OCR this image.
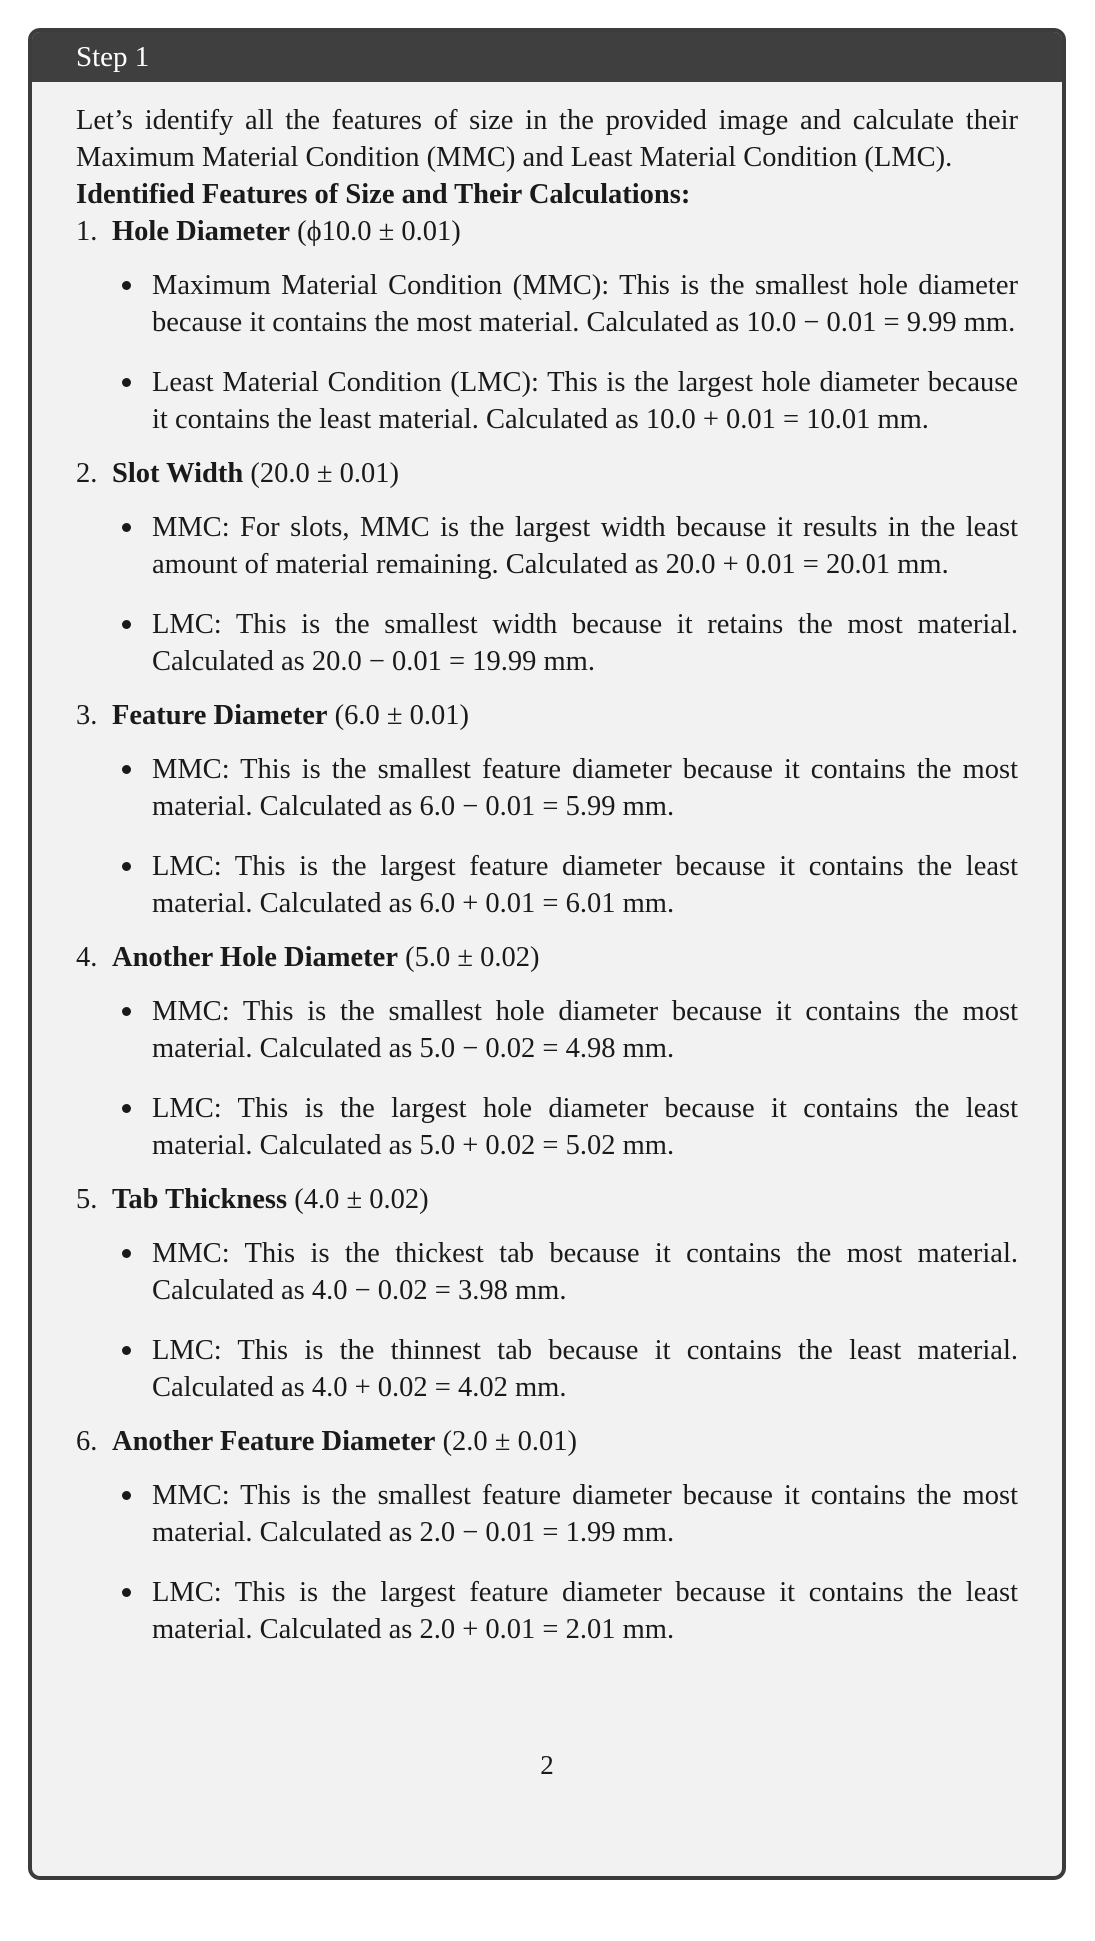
Step 1

Let’s identify all the features of size in the provided image and calculate their Maximum Material Condition (MMC) and Least Material Condition (LMC).

Identified Features of Size and Their Calculations:

1. Hole Diameter (ϕ10.0 ± 0.01)

Maximum Material Condition (MMC): This is the smallest hole diameter because it contains the most material. Calculated as 10.0 − 0.01 = 9.99 mm.
Least Material Condition (LMC): This is the largest hole diameter because it contains the least material. Calculated as 10.0 + 0.01 = 10.01 mm.

2. Slot Width (20.0 ± 0.01)

MMC: For slots, MMC is the largest width because it results in the least amount of material remaining. Calculated as 20.0 + 0.01 = 20.01 mm.
LMC: This is the smallest width because it retains the most material. Calculated as 20.0 − 0.01 = 19.99 mm.

3. Feature Diameter (6.0 ± 0.01)

MMC: This is the smallest feature diameter because it contains the most material. Calculated as 6.0 − 0.01 = 5.99 mm.
LMC: This is the largest feature diameter because it contains the least material. Calculated as 6.0 + 0.01 = 6.01 mm.

4. Another Hole Diameter (5.0 ± 0.02)

MMC: This is the smallest hole diameter because it contains the most material. Calculated as 5.0 − 0.02 = 4.98 mm.
LMC: This is the largest hole diameter because it contains the least material. Calculated as 5.0 + 0.02 = 5.02 mm.

5. Tab Thickness (4.0 ± 0.02)

MMC: This is the thickest tab because it contains the most material. Calculated as 4.0 − 0.02 = 3.98 mm.
LMC: This is the thinnest tab because it contains the least material. Calculated as 4.0 + 0.02 = 4.02 mm.

6. Another Feature Diameter (2.0 ± 0.01)

MMC: This is the smallest feature diameter because it contains the most material. Calculated as 2.0 − 0.01 = 1.99 mm.
LMC: This is the largest feature diameter because it contains the least material. Calculated as 2.0 + 0.01 = 2.01 mm.
2
